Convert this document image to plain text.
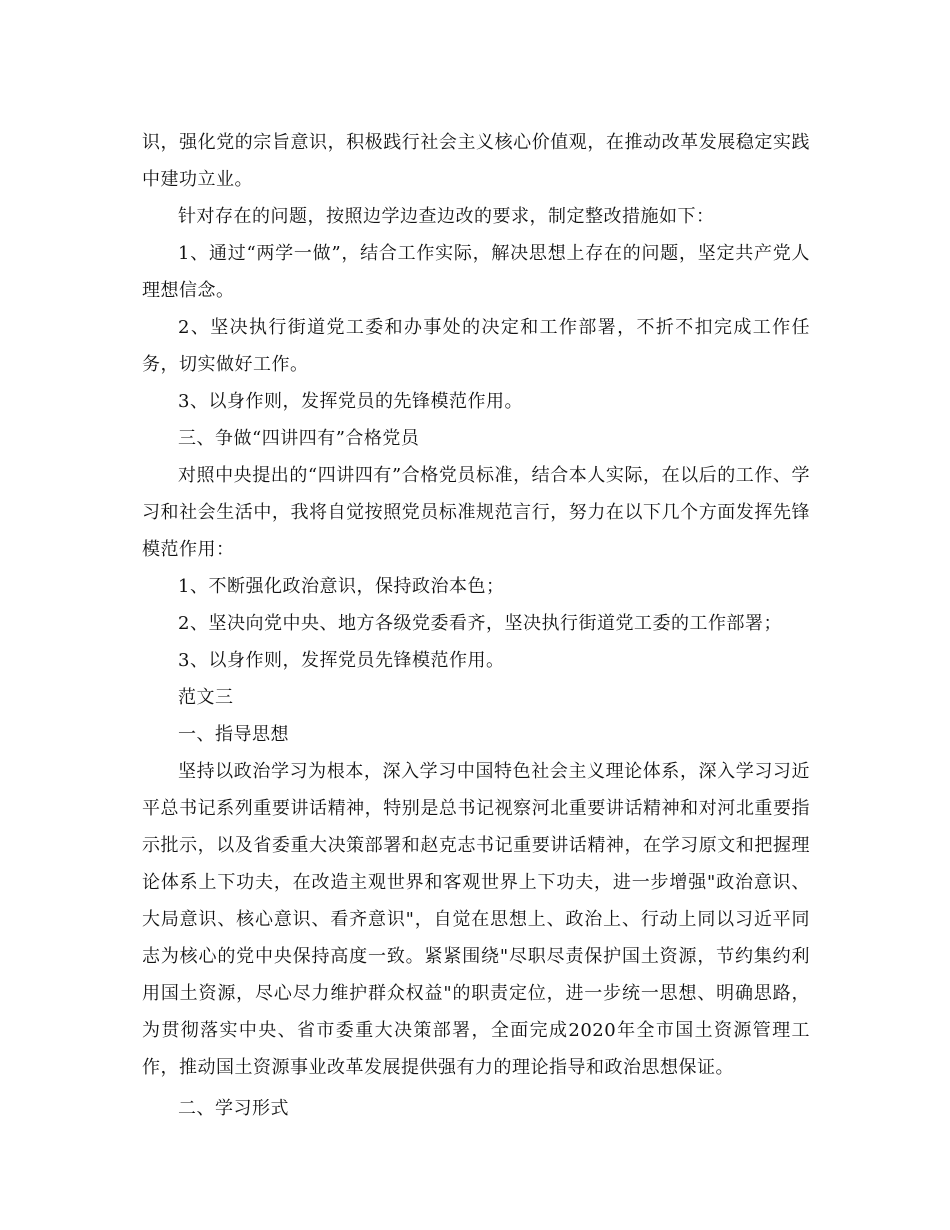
识，强化党的宗旨意识，积极践行社会主义核心价值观，在推动改革发展稳定实践中建功立业。

针对存在的问题，按照边学边查边改的要求，制定整改措施如下：

1、通过“两学一做”，结合工作实际，解决思想上存在的问题，坚定共产党人理想信念。

2、坚决执行街道党工委和办事处的决定和工作部署，不折不扣完成工作任务，切实做好工作。

3、以身作则，发挥党员的先锋模范作用。

三、争做“四讲四有”合格党员

对照中央提出的“四讲四有”合格党员标准，结合本人实际，在以后的工作、学习和社会生活中，我将自觉按照党员标准规范言行，努力在以下几个方面发挥先锋模范作用：

1、不断强化政治意识，保持政治本色；

2、坚决向党中央、地方各级党委看齐，坚决执行街道党工委的工作部署；

3、以身作则，发挥党员先锋模范作用。

范文三

一、指导思想

坚持以政治学习为根本，深入学习中国特色社会主义理论体系，深入学习习近平总书记系列重要讲话精神，特别是总书记视察河北重要讲话精神和对河北重要指示批示，以及省委重大决策部署和赵克志书记重要讲话精神，在学习原文和把握理论体系上下功夫，在改造主观世界和客观世界上下功夫，进一步增强"政治意识、大局意识、核心意识、看齐意识"，自觉在思想上、政治上、行动上同以习近平同志为核心的党中央保持高度一致。紧紧围绕"尽职尽责保护国土资源，节约集约利用国土资源，尽心尽力维护群众权益"的职责定位，进一步统一思想、明确思路，为贯彻落实中央、省市委重大决策部署，全面完成2020年全市国土资源管理工作，推动国土资源事业改革发展提供强有力的理论指导和政治思想保证。

二、学习形式
